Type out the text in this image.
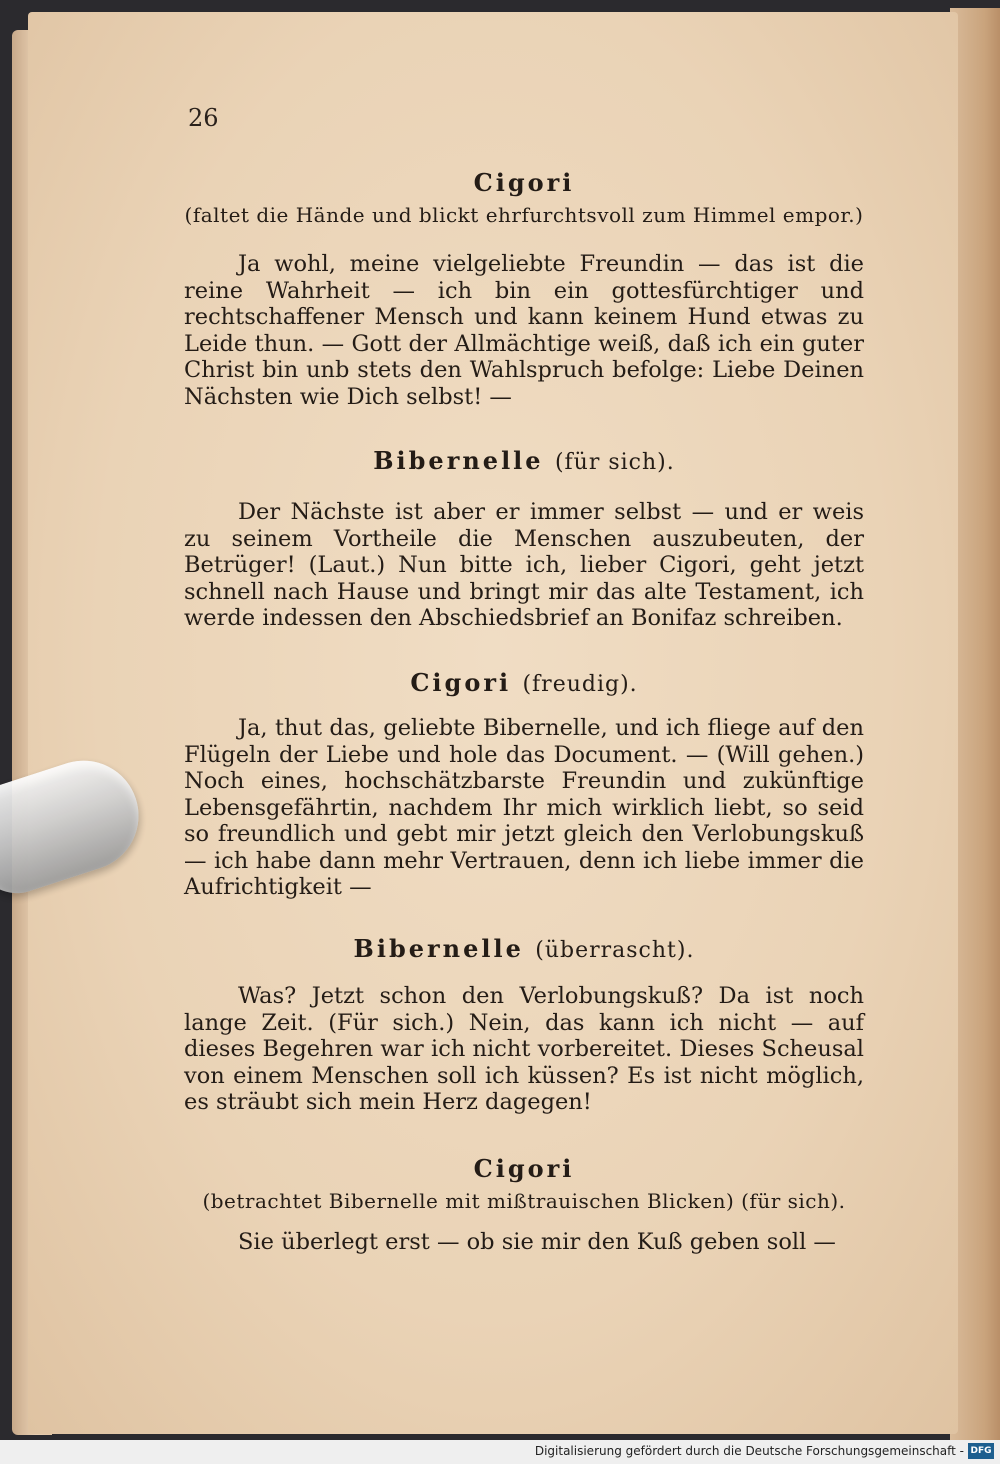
26

Cigori

(faltet die Hände und blickt ehrfurchtsvoll zum Himmel empor.)

Ja wohl, meine vielgeliebte Freundin — das ist die reine Wahrheit — ich bin ein gottesfürchtiger und rechtschaffener Mensch und kann keinem Hund etwas zu Leide thun. — Gott der Allmächtige weiß, daß ich ein guter Christ bin unb stets den Wahlspruch befolge: Liebe Deinen Nächsten wie Dich selbst! —

Bibernelle (für sich).

Der Nächste ist aber er immer selbst — und er weis zu seinem Vortheile die Menschen auszubeuten, der Betrüger! (Laut.) Nun bitte ich, lieber Cigori, geht jetzt schnell nach Hause und bringt mir das alte Testament, ich werde indessen den Abschiedsbrief an Bonifaz schreiben.

Cigori (freudig).

Ja, thut das, geliebte Bibernelle, und ich fliege auf den Flügeln der Liebe und hole das Document. — (Will gehen.) Noch eines, hochschätzbarste Freundin und zukünftige Lebensgefährtin, nachdem Ihr mich wirklich liebt, so seid so freundlich und gebt mir jetzt gleich den Verlobungskuß — ich habe dann mehr Vertrauen, denn ich liebe immer die Aufrichtigkeit —

Bibernelle (überrascht).

Was? Jetzt schon den Verlobungskuß? Da ist noch lange Zeit. (Für sich.) Nein, das kann ich nicht — auf dieses Begehren war ich nicht vorbereitet. Dieses Scheusal von einem Menschen soll ich küssen? Es ist nicht möglich, es sträubt sich mein Herz dagegen!

Cigori

(betrachtet Bibernelle mit mißtrauischen Blicken) (für sich).

Sie überlegt erst — ob sie mir den Kuß geben soll —

Digitalisierung gefördert durch die Deutsche Forschungsgemeinschaft - DFG
